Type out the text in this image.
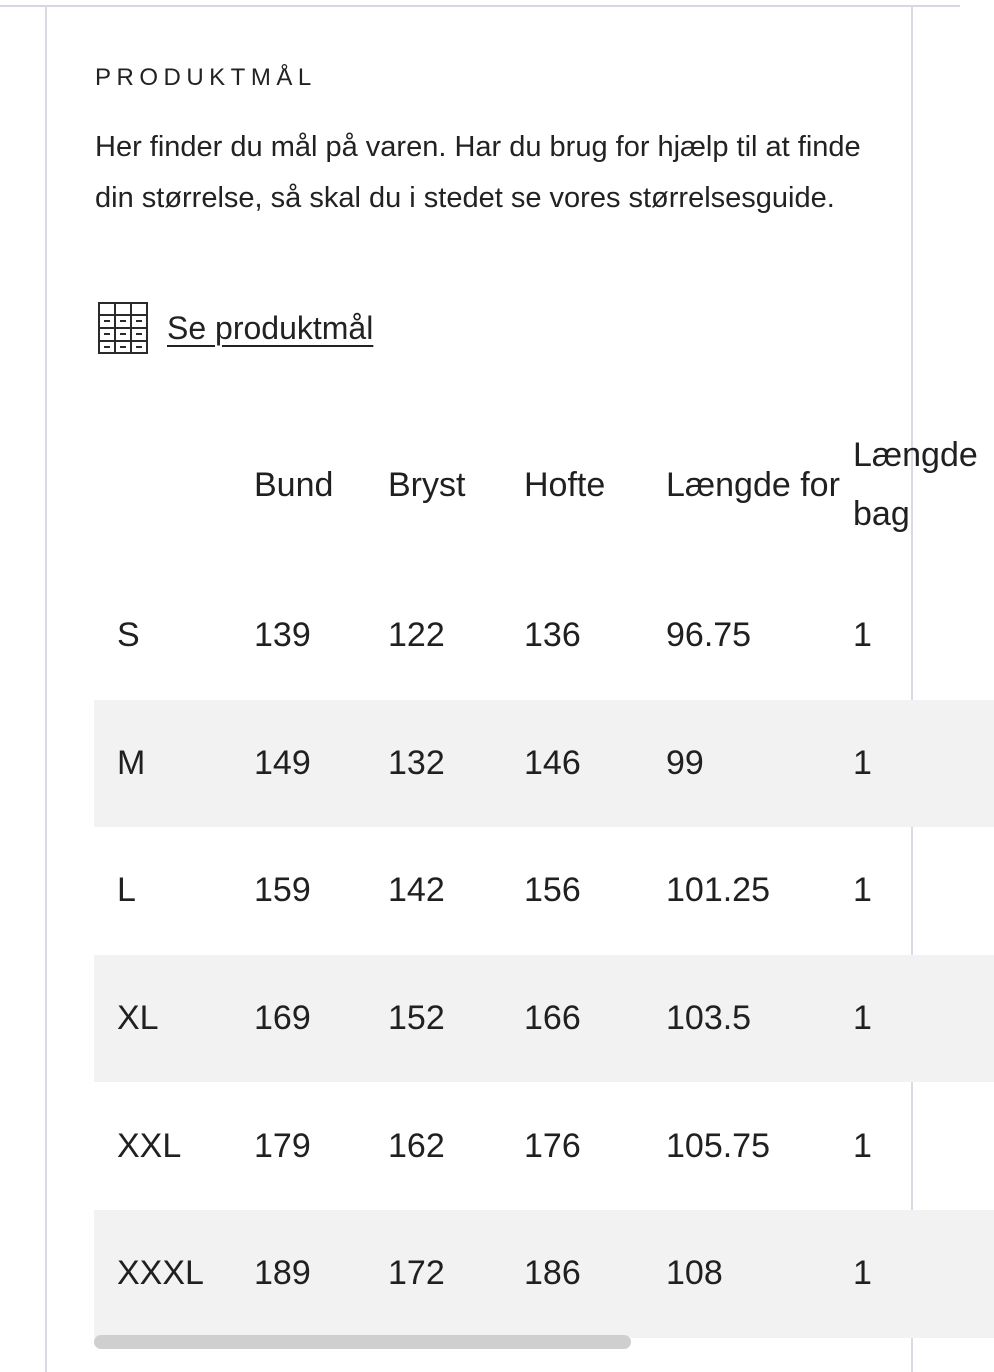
PRODUKTMÅL

Her finder du mål på varen. Har du brug for hjælp til at finde din størrelse, så skal du i stedet se vores størrelsesguide.

Se produktmål
	Bund	Bryst	Hofte	Længde for	Længde bag
S	139	122	136	96.75	1
M	149	132	146	99	1
L	159	142	156	101.25	1
XL	169	152	166	103.5	1
XXL	179	162	176	105.75	1
XXXL	189	172	186	108	1
